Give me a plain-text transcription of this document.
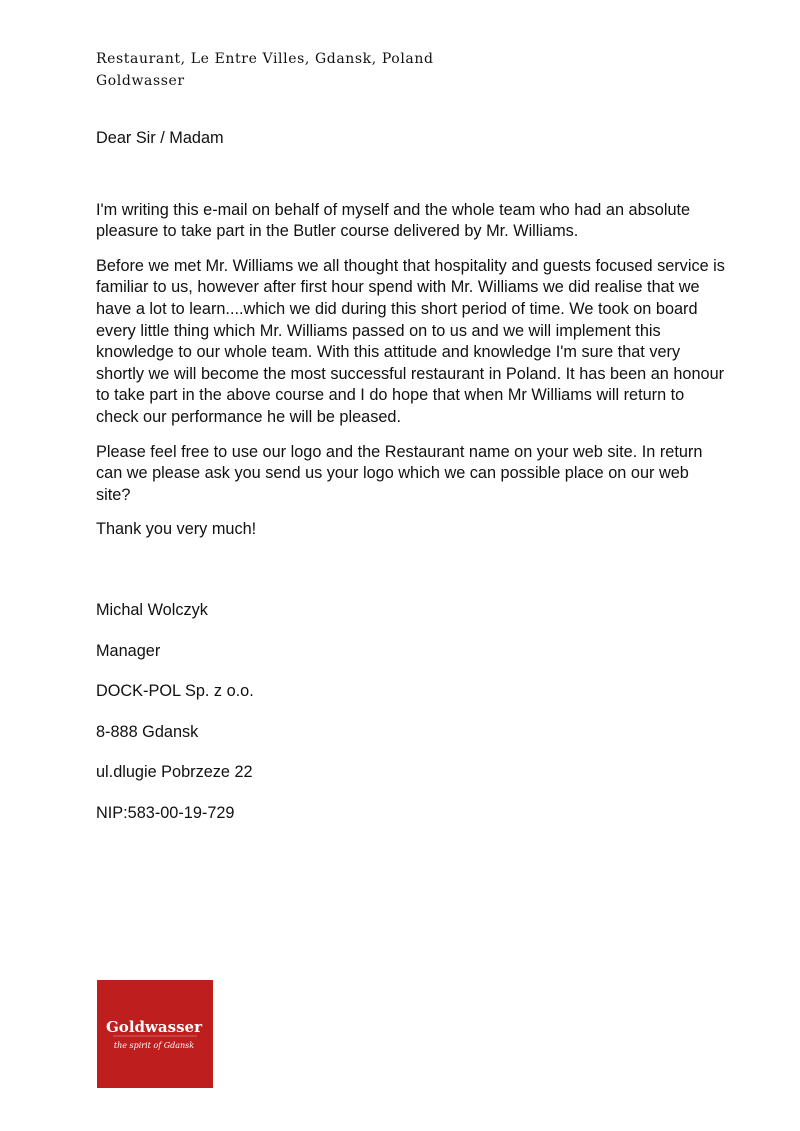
Restaurant, Le Entre Villes, Gdansk, Poland
Goldwasser

Dear Sir / Madam

I'm writing this e-mail on behalf of myself and the whole team who had an absolute pleasure to take part in the Butler course delivered by Mr. Williams.

Before we met Mr. Williams we all thought that hospitality and guests focused service is familiar to us, however after first hour spend with Mr. Williams we did realise that we have a lot to learn....which we did during this short period of time. We took on board every little thing which Mr. Williams passed on to us and we will implement this knowledge to our whole team. With this attitude and knowledge I'm sure that very shortly we will become the most successful restaurant in Poland. It has been an honour to take part in the above course and I do hope that when Mr Williams will return to check our performance he will be pleased.

Please feel free to use our logo and the Restaurant name on your web site. In return can we please ask you send us your logo which we can possible place on our web site?

Thank you very much!

Michal Wolczyk

Manager

DOCK-POL Sp. z o.o.

8-888 Gdansk

ul.dlugie Pobrzeze 22

NIP:583-00-19-729

Goldwasser
the spirit of Gdansk
